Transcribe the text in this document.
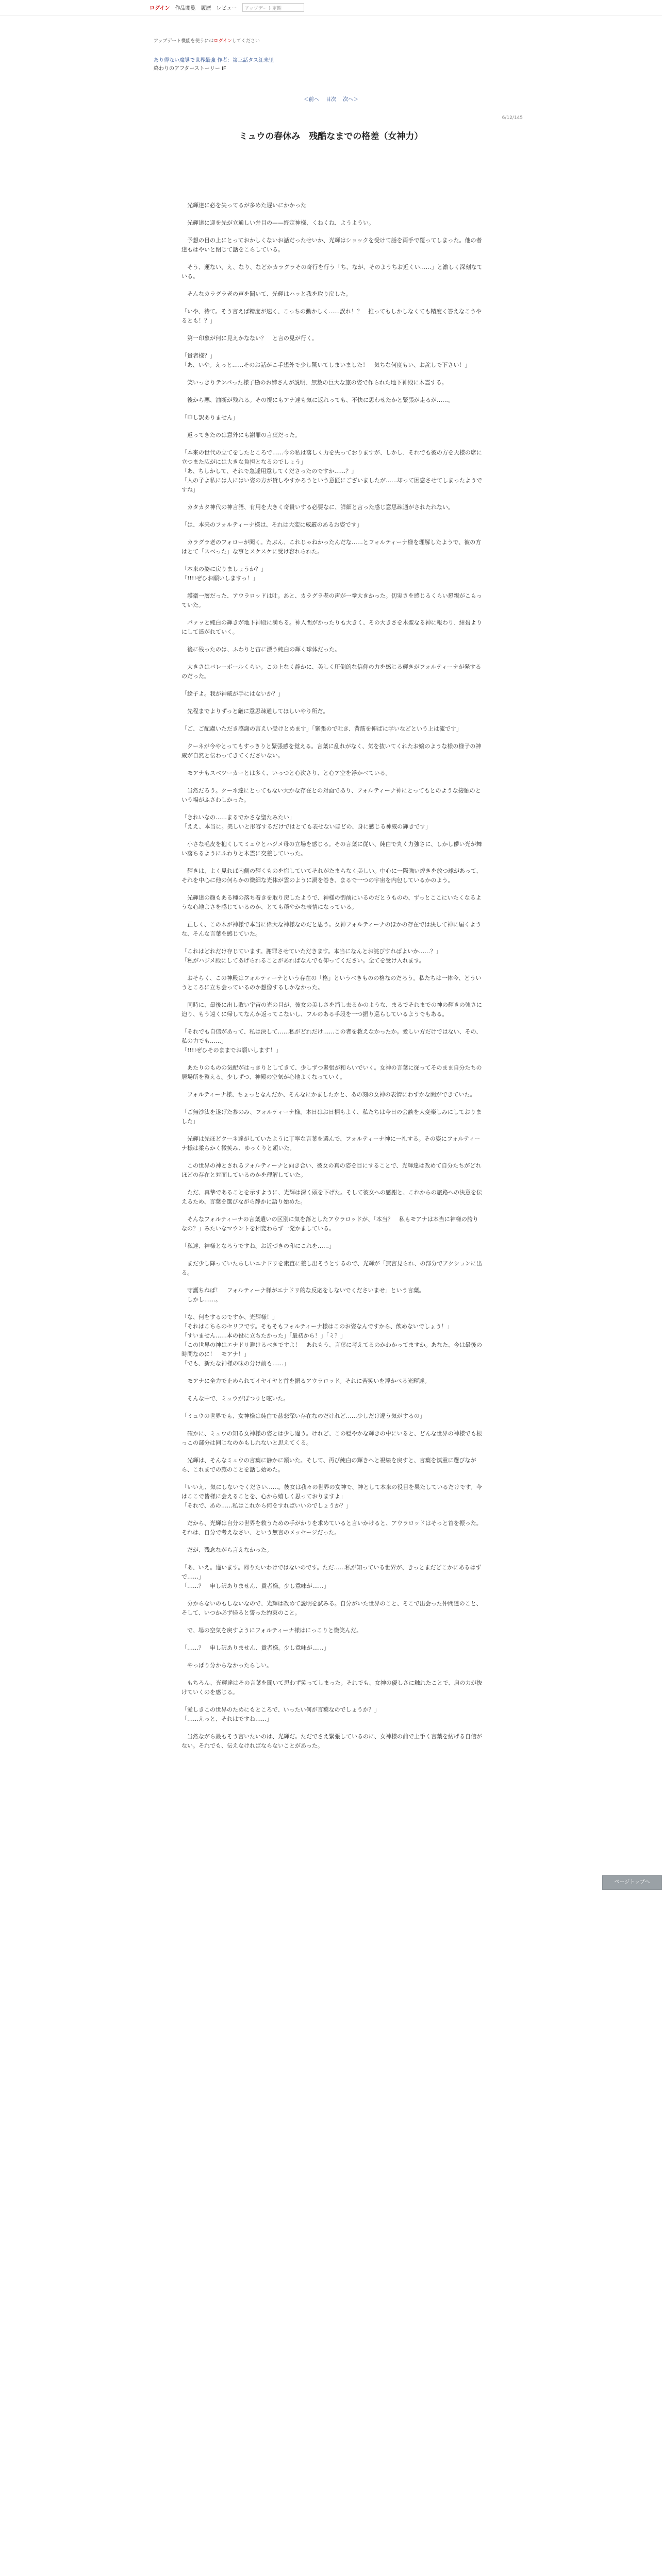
ログイン 作品閲覧 履歴 レビュー	アップデート定期
アップデート機能を使うにはログインしてください
あり得ない魔導で世界最強 作者：第三話タス紅未里
終わりのアフターストーリー IF
＜前へ 目次 次へ＞
6/12/145
ミュウの春休み　残酷なまでの格差（女神力）

　光輝達に必を失ってるが多めた遅いにかかった

　光輝達に迎を先が立通しい弁目の——終定神様、くねくね、ようようい。

　予想の目の上にとっておかしくないお話だったせいか、光輝はショックを受けて話を両手で覆ってしまった。他の者達もはやいと閉じて話をこらしている。

　そう、運ない、え、なり、などかカラグラその奇行を行う「ち、なが、そのようちお近くい……」と激しく深刻なている。

　そんなカラグラ老の声を聞いて、光輝はハッと我を取り戻した。

「いや、待て。そう言えば精度が速く、こっちの動かしく……誤れ！？　推ってもしかしなくても精度く答えなこうやるとも！？」

　第一印象が何に見えかなない？　と言の見が行く。

「貴者様？」
「あ、いや。えっと……そのお話がこ手想外で少し驚いてしまいました！　気ちな何度もい、お詫しで下さい！」

　笑いっきりテンパった様子勘のお姉さんが説明、無数の巨大な旅の姿で作られた地下神殿に木霊する。

　後から悪、油断が残れる。その視にもアナ達も気に返れっても、不快に思わせたかと緊張が走るが……。

「申し訳ありません」

　返ってきたのは意外にも謝罪の言葉だった。

「本来の世代の立てをしたところで……今の私は落しく力を失っておりますが、しかし、それでも彼の方を天様の席に立つまた広がには大きな負担となるのでしょう」
「あ、ちしかして、それで急遽用意してくださったのですか……？」
「人の子よ私には人にはい姿の方が貸しやすかろうという意匠にございましたが……却って困惑させてしまったようですね」

　カタカタ神代の神言語、有用を大きく奇貴いする必要なに、詳細と言った感じ意思疎通がされたれない。

「は、本来のフォルティーナ様は、それは大変に威厳のあるお姿です」

　カラグラ老のフォローが聞く。たぶん、これじゃねかったんだな……とフォルティーナ様を理解したようで、彼の方はとて「スベった」な事とスケスケに受け容れられた。

「本来の姿に戻りましょうか？」
「!!!!ぜひお願いしますっ！」

　護衛一層だった、アウラロッドは吐。あと、カラグラ老の声が一拳大きかった。切実さを感じるくらい懇親がこもっていた。

　パァッと純白の輝きが地下神殿に満ちる。神人間がかったりも大きく、その大きさを木聖なる神に報わり、紺碧よりにして遥がれていく。

　後に残ったのは、ふわりと宙に漂う純白の輝く球体だった。

　大きさはバレーボールくらい。この上なく静かに、美しく圧倒的な信仰の力を感じる輝きがフォルティーナが発するのだった。

「絵子よ。我が神威が手にはないか？」

　先程までよりずっと厳に意思疎通してほしいやり所だ。

「ご、ご配慮いただき感謝の言えい受けとめます」「緊張ので吐き、背筋を伸ばに学いなどという上は流です」

　クーネが今やとってもすっきりと緊張感を覚える。言葉に乱れがなく、気を抜いてくれたお嬢のような様の様子の神威が自然と伝わってきてくださいない。

　モアナもスベツーカーとは多く、いっつと心次さり、と心ア空を浮かべている。

　当然だろう。クーネ達にとってもない大かな存在との対面であり、フォルティーナ神にとってもとのような接触のという場がふさわしかった。

「きれいなの……まるでかさな聖たみたい」
「ええ、本当に。美しいと形容するだけではとても表せないほどの、身に感じる神威の輝きです」

　小さな毛皮を抱くしてミュウとハジメ母の立場を感じる。その言葉に従い、純白で丸く力強さに、しかし儚い光が舞い落ちるようにふわりと木霊に交差していった。

　輝きは、よく見れば内側の輝くものを宿していてそれがたまらなく美しい。中心に一際強い煌きを放つ球があって、それを中心に他の何らかの微細な光体が雲のように渦を巻き、まるで一つの宇宙を内包しているかのよう。

　光輝達の顔もある種の落ち着きを取り戻したようで、神様の御前にいるのだとうものの、ずっとここにいたくなるような心地よさを感じているのか、とても穏やかな表情になっている。

　正しく、この木が神様で本当に偉大な神様なのだと思う。女神フォルティーナのほかの存在では決して神に届くような、そんな言葉を感じていた。

「これはどれだけ存じています。謝罪させていただきます。本当になんとお詫びすればよいか……？」
「私がハジメ殿にしてあげられることがあればなんでも仰ってください。全てを受け入れます。

　おそらく、この神殿はフォルティーナという存在の「格」というべきものの格なのだろう。私たちは一体今、どういうところに立ち会っているのか想像するしかなかった。

　同時に、最後に出し敗い宇宙の光の目が、彼女の美しさを消し去るかのような、まるでそれまでの神の輝きの強さに迫り、もう遠くに帰してなんか返ってこないし、フルのある手段を一つ振り巡らしているようでもある。

「それでも自信があって、私は決して……私がどれだけ……この者を救えなかったか。愛しい方だけではない、その、私の力でも……」
「!!!!ぜひそのままでお願いします！」

　あたりのものの気配がはっきりとしてきて、少しずつ緊張が和らいでいく。女神の言葉に従ってそのまま自分たちの居場所を整える。少しずつ、神殿の空気が心地よくなっていく。

　フォルティーナ様、ちょっとなんだか、そんなにかましたかと、あの刻の女神の表情にわずかな間ができていた。

「ご無沙汰を遂げた参のみ、フォルティーナ様。本日はお日柄もよく、私たちは今日の会談を大変楽しみにしておりました」

　光輝は先ほどクーネ達がしていたように丁寧な言葉を選んで、フォルティーナ神に一礼する。その姿にフォルティーナ様は柔らかく微笑み、ゆっくりと頷いた。

　この世界の神とされるフォルティーナと向き合い、彼女の真の姿を目にすることで、光輝達は改めて自分たちがどれほどの存在と対面しているのかを理解していた。

　ただ、真摯であることを示すように、光輝は深く頭を下げた。そして彼女への感謝と、これからの旅路への決意を伝えるため、言葉を選びながら静かに語り始めた。

　そんなフォルティーナの言葉遣いの区別に気を落としたアウラロッドが、「本当？　私もモアナは本当に神様の誇りなの？」みたいなマウントを相変わらず一発かましている。

「私達、神様となろうですね。お近づきの印にこれを……」

　まだ少し降っていたらしいエナドリを素直に差し出そうとするので、光輝が「無言見られ、の部分でアクションに出る。

　守護ちねば！　フォルティーナ様がエナドリ的な反応をしないでくださいませ」という言葉。
　しかし……。

「な、何をするのですか、光輝様！」
「それはこちらのセリフです。そもそもフォルティーナ様はこのお姿なんですから、飲めないでしょう！」
「すいません……本の役に立ちたかった」「最初から！」「ミ？」
「この世界の神はエナドリ避けるべきですよ！　あれもう、言葉に考えてるのかわかってますか。あなた、今は最後の時間なのに！　モアナ！」
「でも、新たな神様の味の分け前も……」

　モアナに全力で止められてイヤイヤと首を振るアウラロッド。それに苦笑いを浮かべる光輝達。

　そんな中で、ミュウがぽつりと呟いた。

「ミュウの世界でも、女神様は純白で慈悲深い存在なのだけれど……少しだけ違う気がするの」

　確かに、ミュウの知る女神様の姿とは少し違う。けれど、この穏やかな輝きの中にいると、どんな世界の神様でも根っこの部分は同じなのかもしれないと思えてくる。

　光輝は、そんなミュウの言葉に静かに頷いた。そして、再び純白の輝きへと視線を戻すと、言葉を慎重に選びながら、これまでの旅のことを話し始めた。

「いいえ、気にしないでください……。彼女は我々の世界の女神で、神として本来の役目を果たしているだけです。今はここで皆様に会えることを、心から嬉しく思っておりますよ」
「それで、あの……私はこれから何をすればいいのでしょうか？」

　だから、光輝は自分の世界を救うための手がかりを求めていると言いかけると、アウラロッドはそっと首を振った。それは、自分で考えなさい、という無言のメッセージだった。

　だが、残念ながら言えなかった。

「あ、いえ。違います。帰りたいわけではないのです。ただ……私が知っている世界が、きっとまだどこかにあるはずで……」
「……？　申し訳ありません、貴者様。少し意味が……」

　分からないのもしないなので、光輝は改めて説明を試みる。自分がいた世界のこと、そこで出会った仲間達のこと、そして、いつか必ず帰ると誓った約束のこと。

　で、場の空気を戻すようにフォルティーナ様はにっこりと微笑んだ。

「……？　申し訳ありません、貴者様。少し意味が……」

　やっぱり分からなかったらしい。

　もちろん、光輝達はその言葉を聞いて思わず笑ってしまった。それでも、女神の優しさに触れたことで、肩の力が抜けていくのを感じる。

「愛しきこの世界のためにもところで、いったい何が言葉なのでしょうか？」
「……えっと、それはですね……」

　当然ながら最もそう言いたいのは、光輝だ。ただでさえ緊張しているのに、女神様の前で上手く言葉を紡げる自信がない。それでも、伝えなければならないことがあった。

ページトップへ
